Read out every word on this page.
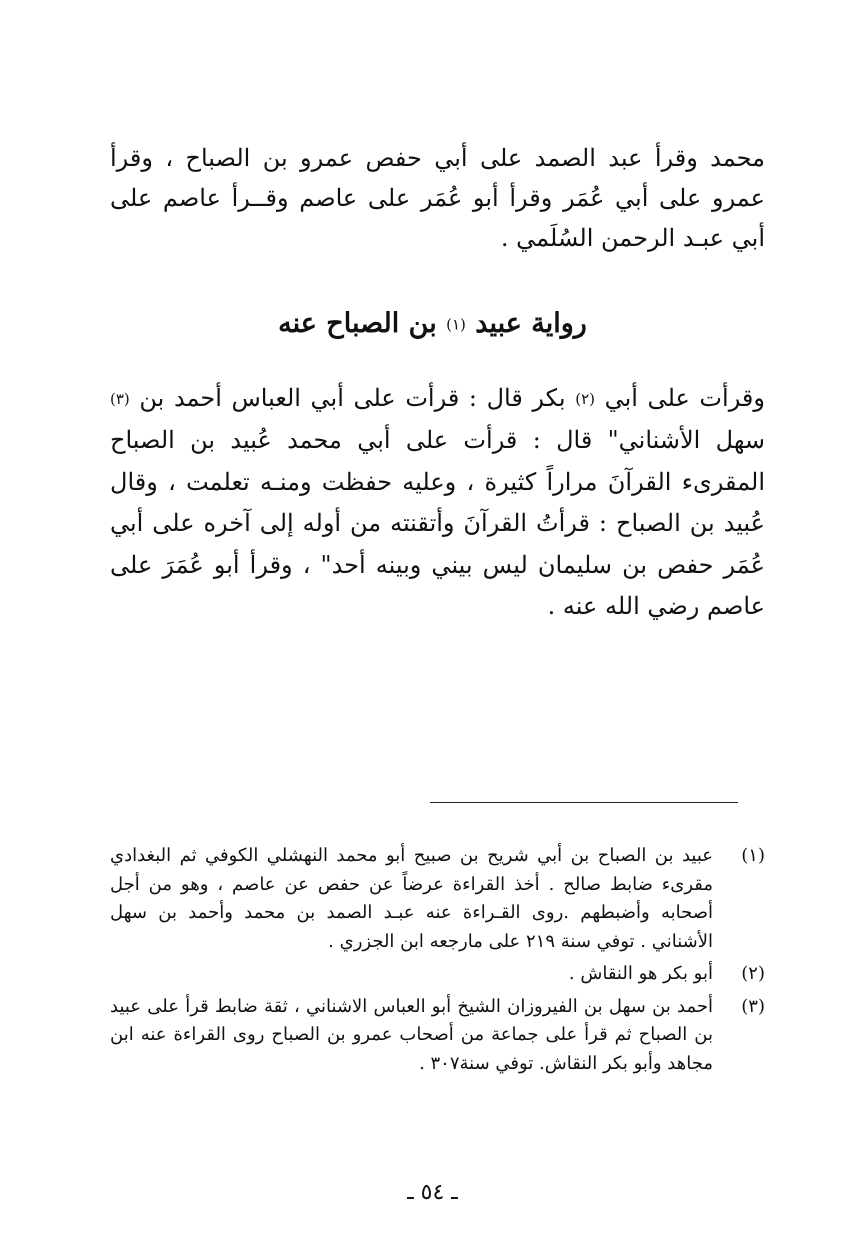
محمد وقرأ عبد الصمد على أبي حفص عمرو بن الصباح ، وقرأ عمرو على أبي عُمَر وقرأ أبو عُمَر على عاصم وقــرأ عاصم على أبي عبـد الرحمن السُلَمي .

رواية عبيد (١) بن الصباح عنه

وقرأت على أبي (٢) بكر قال : قرأت على أبي العباس أحمد بن (٣) سهل الأشناني" قال : قرأت على أبي محمد عُبيد بن الصباح المقرىء القرآنَ مراراً كثيرة ، وعليه حفظت ومنـه تعلمت ، وقال عُبيد بن الصباح : قرأتُ القرآنَ وأتقنته من أوله إلى آخره على أبي عُمَر حفص بن سليمان ليس بيني وبينه أحد" ، وقرأ أبو عُمَرَ على عاصم رضي الله عنه .

(١)
عبيد بن الصباح بن أبي شريح بن صبيح أبو محمد النهشلي الكوفي ثم البغدادي مقرىء ضابط صالح . أخذ القراءة عرضاً عن حفص عن عاصم ، وهو من أجل أصحابه وأضبطهم .روى القـراءة عنه عبـد الصمد بن محمد وأحمد بن سهل الأشناني . توفي سنة ٢١٩ على مارجعه ابن الجزري .
(٢)
أبو بكر هو النقاش .
(٣)
أحمد بن سهل بن الفيروزان الشيخ أبو العباس الاشناني ، ثقة ضابط قرأ على عبيد بن الصباح ثم قرأ على جماعة من أصحاب عمرو بن الصباح روى القراءة عنه ابن مجاهد وأبو بكر النقاش. توفي سنة٣٠٧ .
ـ ٥٤ ـ
